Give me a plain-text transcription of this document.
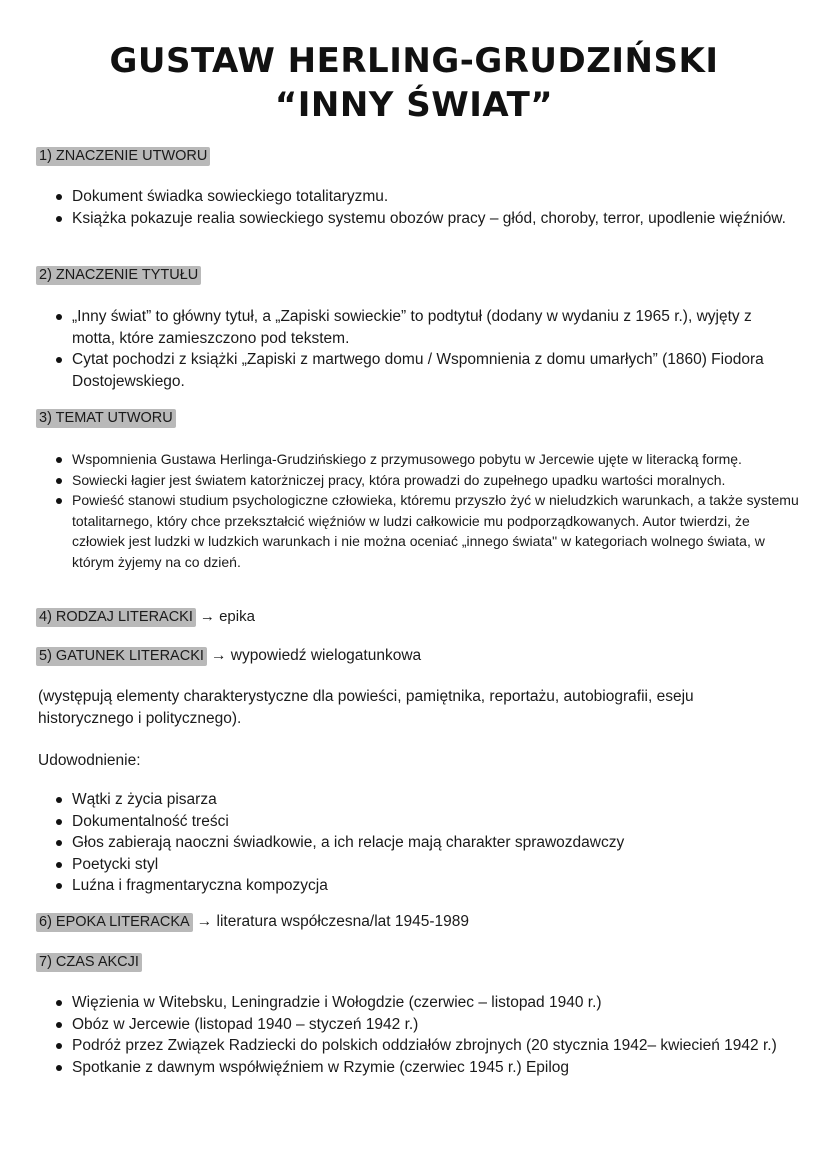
GUSTAW HERLING-GRUDZIŃSKI
“INNY ŚWIAT”
1) ZNACZENIE UTWORU
Dokument świadka sowieckiego totalitaryzmu.
Książka pokazuje realia sowieckiego systemu obozów pracy – głód, choroby, terror, upodlenie więźniów.
2) ZNACZENIE TYTUŁU
„Inny świat” to główny tytuł, a „Zapiski sowieckie” to podtytuł (dodany w wydaniu z 1965 r.), wyjęty z motta, które zamieszczono pod tekstem.
Cytat pochodzi z książki „Zapiski z martwego domu / Wspomnienia z domu umarłych” (1860) Fiodora Dostojewskiego.
3) TEMAT UTWORU
Wspomnienia Gustawa Herlinga-Grudzińskiego z przymusowego pobytu w Jercewie ujęte w literacką formę.
Sowiecki łagier jest światem katorżniczej pracy, która prowadzi do zupełnego upadku wartości moralnych.
Powieść stanowi studium psychologiczne człowieka, któremu przyszło żyć w nieludzkich warunkach, a także systemu totalitarnego, który chce przekształcić więźniów w ludzi całkowicie mu podporządkowanych. Autor twierdzi, że człowiek jest ludzki w ludzkich warunkach i nie można oceniać „innego świata" w kategoriach wolnego świata, w którym żyjemy na co dzień.
4) RODZAJ LITERACKI → epika
5) GATUNEK LITERACKI → wypowiedź wielogatunkowa
(występują elementy charakterystyczne dla powieści, pamiętnika, reportażu, autobiografii, eseju historycznego i politycznego).
Udowodnienie:
Wątki z życia pisarza
Dokumentalność treści
Głos zabierają naoczni świadkowie, a ich relacje mają charakter sprawozdawczy
Poetycki styl
Luźna i fragmentaryczna kompozycja
6) EPOKA LITERACKA → literatura współczesna/lat 1945-1989
7) CZAS AKCJI
Więzienia w Witebsku, Leningradzie i Wołogdzie (czerwiec – listopad 1940 r.)
Obóz w Jercewie (listopad 1940 – styczeń 1942 r.)
Podróż przez Związek Radziecki do polskich oddziałów zbrojnych (20 stycznia 1942– kwiecień 1942 r.)
Spotkanie z dawnym współwięźniem w Rzymie (czerwiec 1945 r.) Epilog
